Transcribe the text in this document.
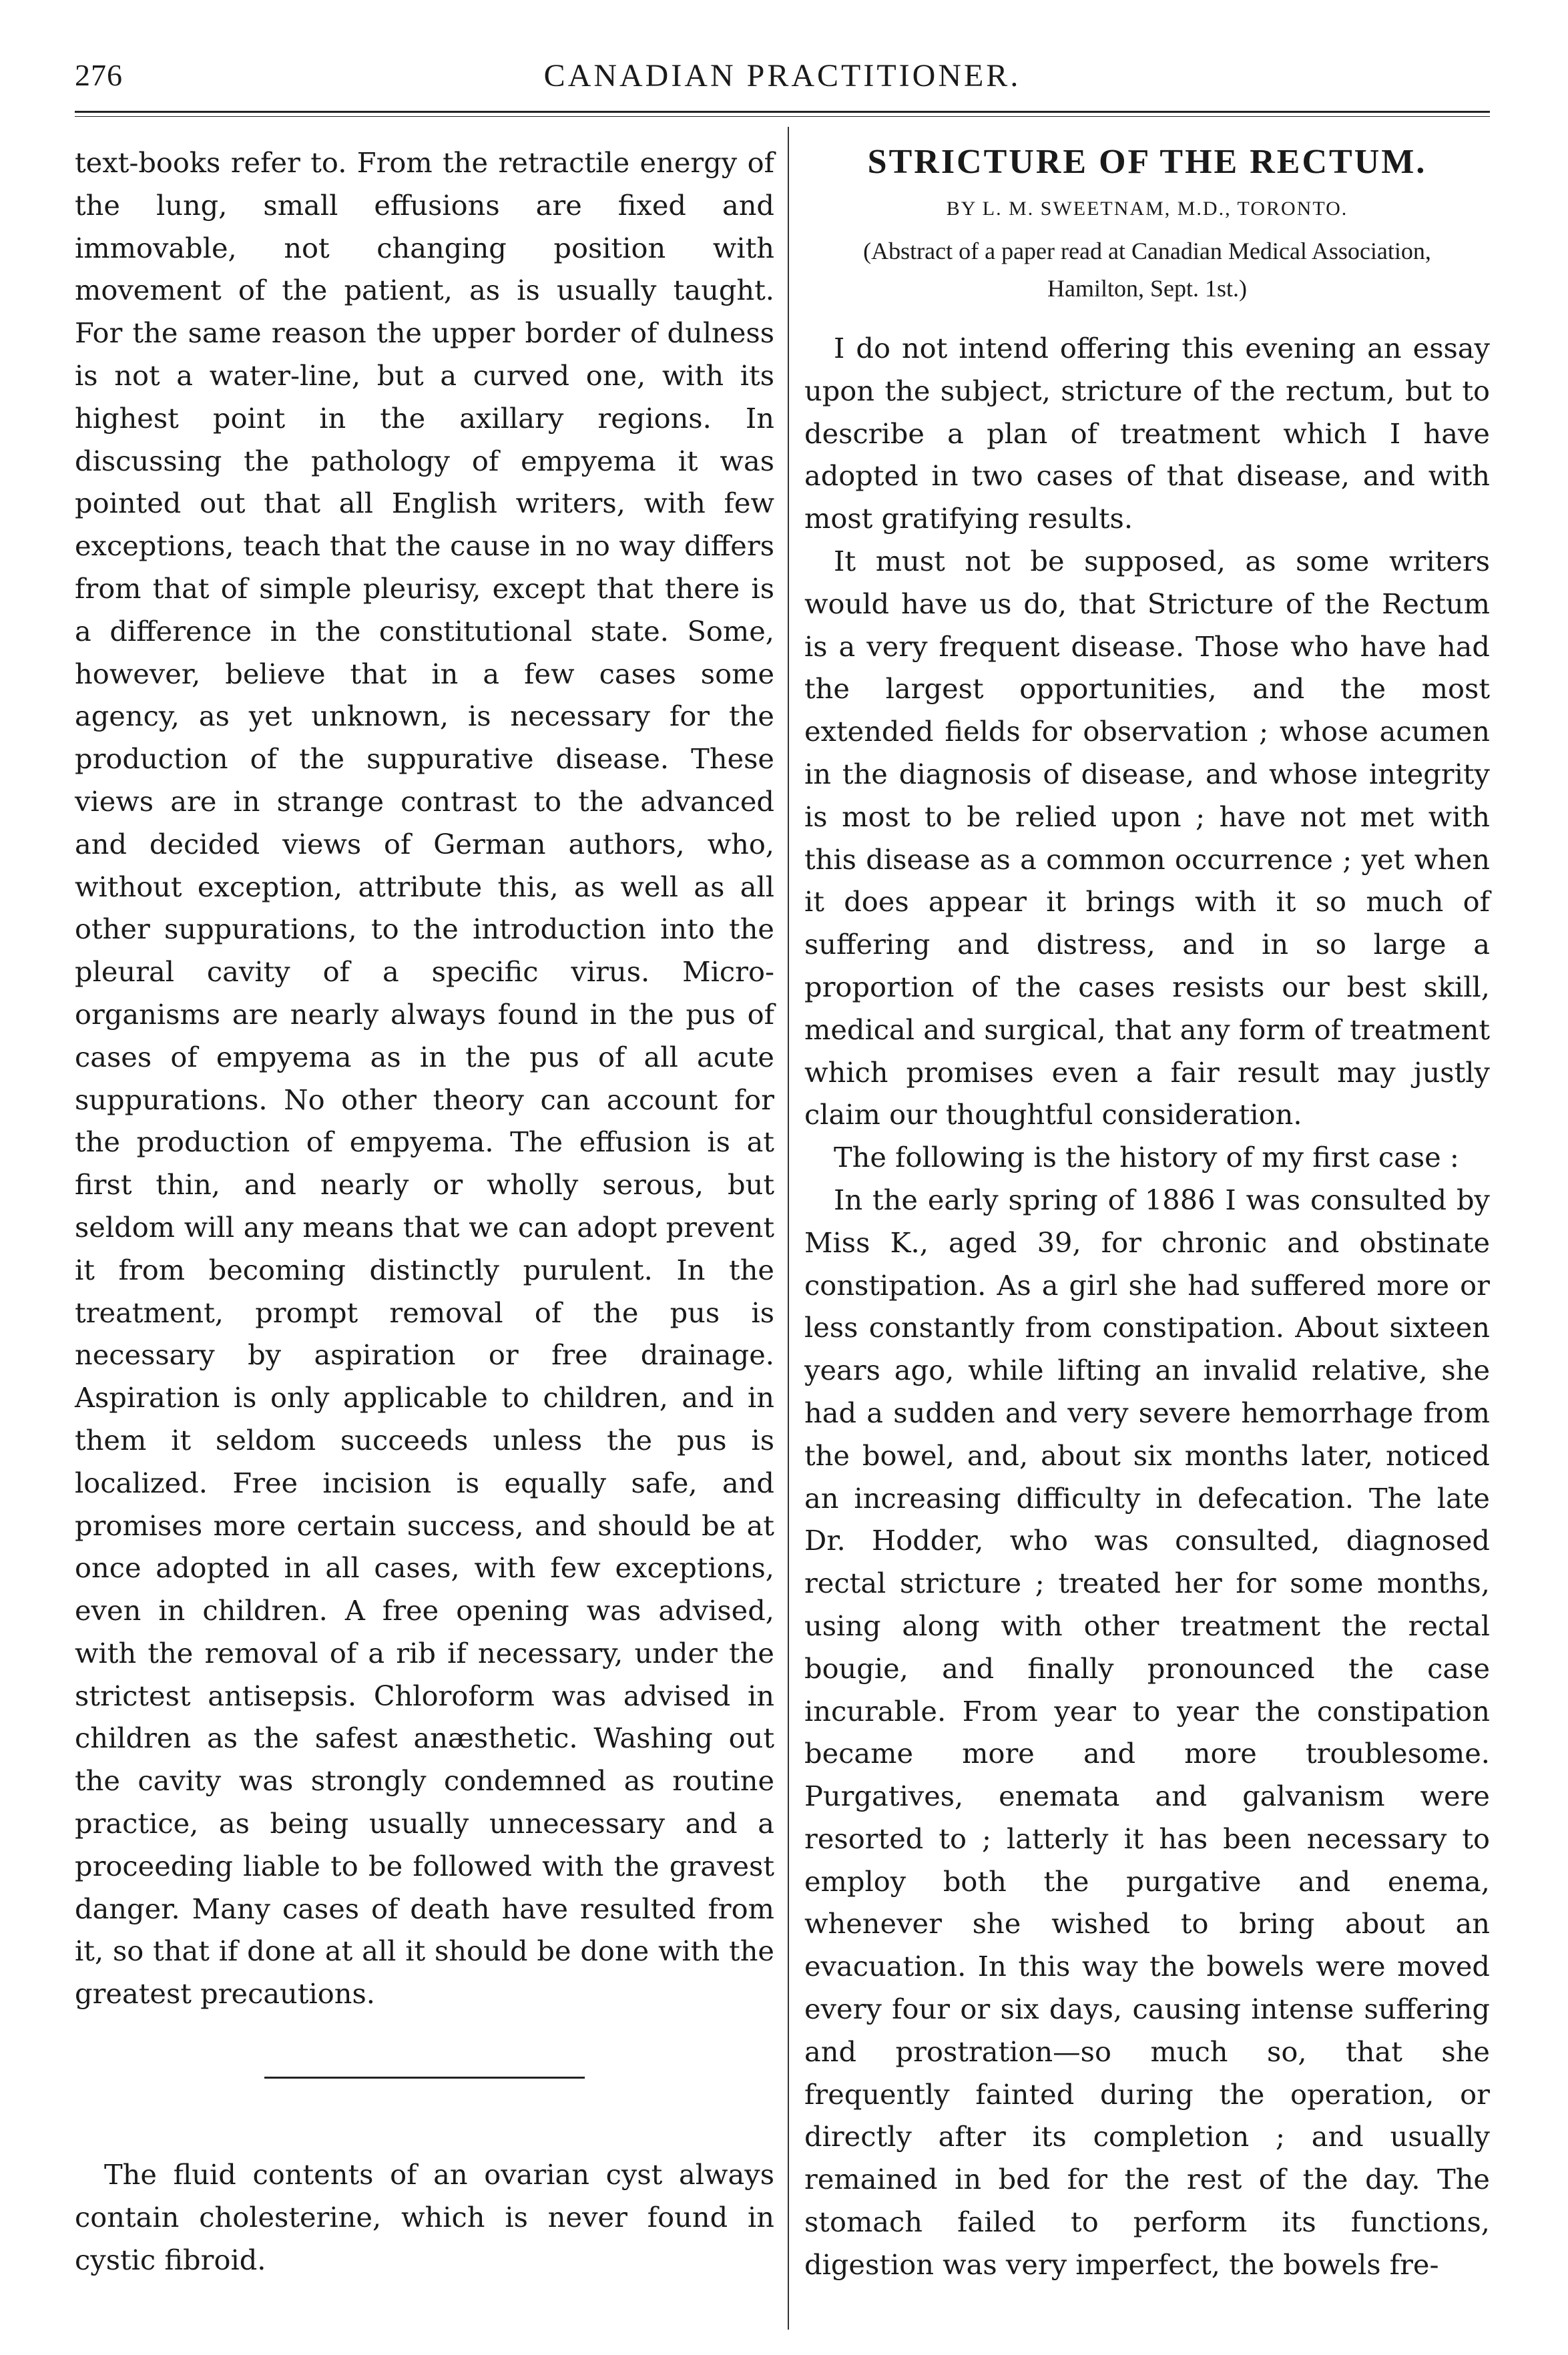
276	CANADIAN PRACTITIONER.

text-books refer to. From the retractile energy of the lung, small effusions are fixed and immovable, not changing position with movement of the patient, as is usually taught. For the same reason the upper border of dulness is not a water-line, but a curved one, with its highest point in the axillary regions. In discussing the pathology of empyema it was pointed out that all English writers, with few exceptions, teach that the cause in no way differs from that of simple pleurisy, except that there is a difference in the constitutional state. Some, however, believe that in a few cases some agency, as yet unknown, is necessary for the production of the suppurative disease. These views are in strange contrast to the advanced and decided views of German authors, who, without exception, attribute this, as well as all other suppurations, to the introduction into the pleural cavity of a specific virus. Micro-organisms are nearly always found in the pus of cases of empyema as in the pus of all acute suppurations. No other theory can account for the production of empyema. The effusion is at first thin, and nearly or wholly serous, but seldom will any means that we can adopt prevent it from becoming distinctly purulent. In the treatment, prompt removal of the pus is necessary by aspiration or free drainage. Aspiration is only applicable to children, and in them it seldom succeeds unless the pus is localized. Free incision is equally safe, and promises more certain success, and should be at once adopted in all cases, with few exceptions, even in children. A free opening was advised, with the removal of a rib if necessary, under the strictest antisepsis. Chloroform was advised in children as the safest anæsthetic. Washing out the cavity was strongly condemned as routine practice, as being usually unnecessary and a proceeding liable to be followed with the gravest danger. Many cases of death have resulted from it, so that if done at all it should be done with the greatest precautions.

The fluid contents of an ovarian cyst always contain cholesterine, which is never found in cystic fibroid.

STRICTURE OF THE RECTUM.
BY L. M. SWEETNAM, M.D., TORONTO.
(Abstract of a paper read at Canadian Medical Association, Hamilton, Sept. 1st.)

I do not intend offering this evening an essay upon the subject, stricture of the rectum, but to describe a plan of treatment which I have adopted in two cases of that disease, and with most gratifying results.

It must not be supposed, as some writers would have us do, that Stricture of the Rectum is a very frequent disease. Those who have had the largest opportunities, and the most extended fields for observation ; whose acumen in the diagnosis of disease, and whose integrity is most to be relied upon ; have not met with this disease as a common occurrence ; yet when it does appear it brings with it so much of suffering and distress, and in so large a proportion of the cases resists our best skill, medical and surgical, that any form of treatment which promises even a fair result may justly claim our thoughtful consideration.

The following is the history of my first case :

In the early spring of 1886 I was consulted by Miss K., aged 39, for chronic and obstinate constipation. As a girl she had suffered more or less constantly from constipation. About sixteen years ago, while lifting an invalid relative, she had a sudden and very severe hemorrhage from the bowel, and, about six months later, noticed an increasing difficulty in defecation. The late Dr. Hodder, who was consulted, diagnosed rectal stricture ; treated her for some months, using along with other treatment the rectal bougie, and finally pronounced the case incurable. From year to year the constipation became more and more troublesome. Purgatives, enemata and galvanism were resorted to ; latterly it has been necessary to employ both the purgative and enema, whenever she wished to bring about an evacuation. In this way the bowels were moved every four or six days, causing intense suffering and prostration—so much so, that she frequently fainted during the operation, or directly after its completion ; and usually remained in bed for the rest of the day. The stomach failed to perform its functions, digestion was very imperfect, the bowels fre-
